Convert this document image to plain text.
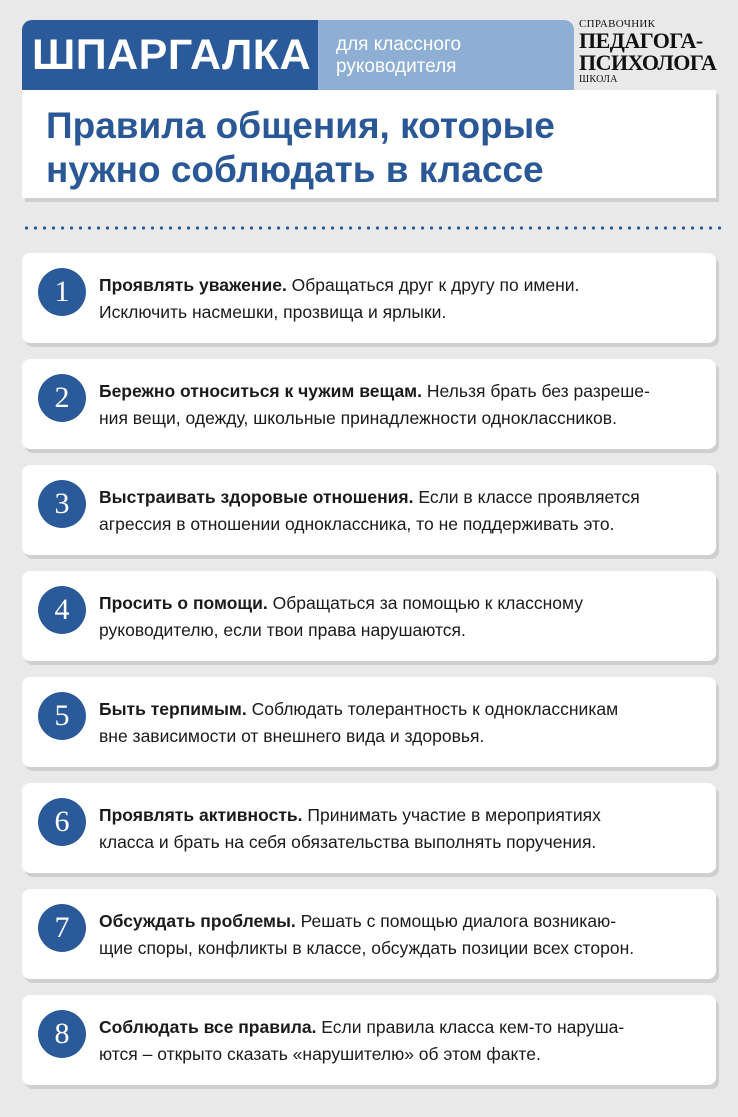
ШПАРГАЛКА для классного
руководителя
СПРАВОЧНИК
ПЕДАГОГА-
ПСИХОЛОГА
ШКОЛА
Правила общения, которые
нужно соблюдать в классе
1	Проявлять уважение. Обращаться друг к другу по имени.
Исключить насмешки, прозвища и ярлыки.
2	Бережно относиться к чужим вещам. Нельзя брать без разреше-
ния вещи, одежду, школьные принадлежности одноклассников.
3	Выстраивать здоровые отношения. Если в классе проявляется
агрессия в отношении одноклассника, то не поддерживать это.
4	Просить о помощи. Обращаться за помощью к классному
руководителю, если твои права нарушаются.
5	Быть терпимым. Соблюдать толерантность к одноклассникам
вне зависимости от внешнего вида и здоровья.
6	Проявлять активность. Принимать участие в мероприятиях
класса и брать на себя обязательства выполнять поручения.
7	Обсуждать проблемы. Решать с помощью диалога возникаю-
щие споры, конфликты в классе, обсуждать позиции всех сторон.
8	Соблюдать все правила. Если правила класса кем-то наруша-
ются – открыто сказать «нарушителю» об этом факте.
